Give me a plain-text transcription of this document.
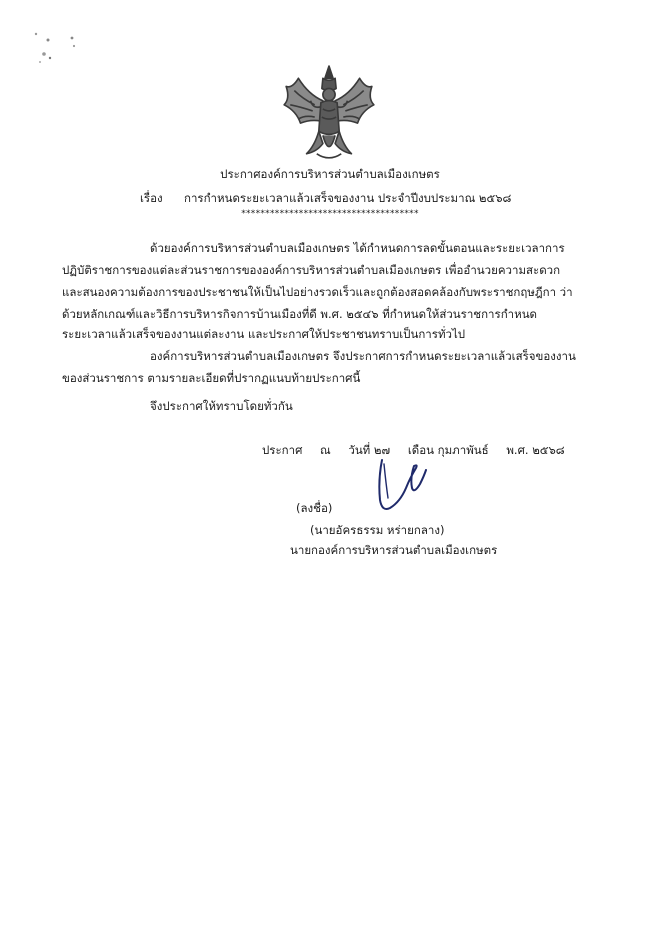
ประกาศองค์การบริหารส่วนตำบลเมืองเกษตร
เรื่อง การกำหนดระยะเวลาแล้วเสร็จของงาน ประจำปีงบประมาณ ๒๕๖๘
*************************************
ด้วยองค์การบริหารส่วนตำบลเมืองเกษตร ได้กำหนดการลดขั้นตอนและระยะเวลาการ
ปฏิบัติราชการของแต่ละส่วนราชการขององค์การบริหารส่วนตำบลเมืองเกษตร เพื่ออำนวยความสะดวก
และสนองความต้องการของประชาชนให้เป็นไปอย่างรวดเร็วและถูกต้องสอดคล้องกับพระราชกฤษฎีกา ว่า
ด้วยหลักเกณฑ์และวิธีการบริหารกิจการบ้านเมืองที่ดี พ.ศ. ๒๕๔๖ ที่กำหนดให้ส่วนราชการกำหนด
ระยะเวลาแล้วเสร็จของงานแต่ละงาน และประกาศให้ประชาชนทราบเป็นการทั่วไป
องค์การบริหารส่วนตำบลเมืองเกษตร จึงประกาศการกำหนดระยะเวลาแล้วเสร็จของงาน
ของส่วนราชการ ตามรายละเอียดที่ปรากฏแนบท้ายประกาศนี้
จึงประกาศให้ทราบโดยทั่วกัน
ประกาศ ณ วันที่ ๒๗ เดือน กุมภาพันธ์ พ.ศ. ๒๕๖๘
(ลงชื่อ)
(นายอัครธรรม หร่ายกลาง)
นายกองค์การบริหารส่วนตำบลเมืองเกษตร
